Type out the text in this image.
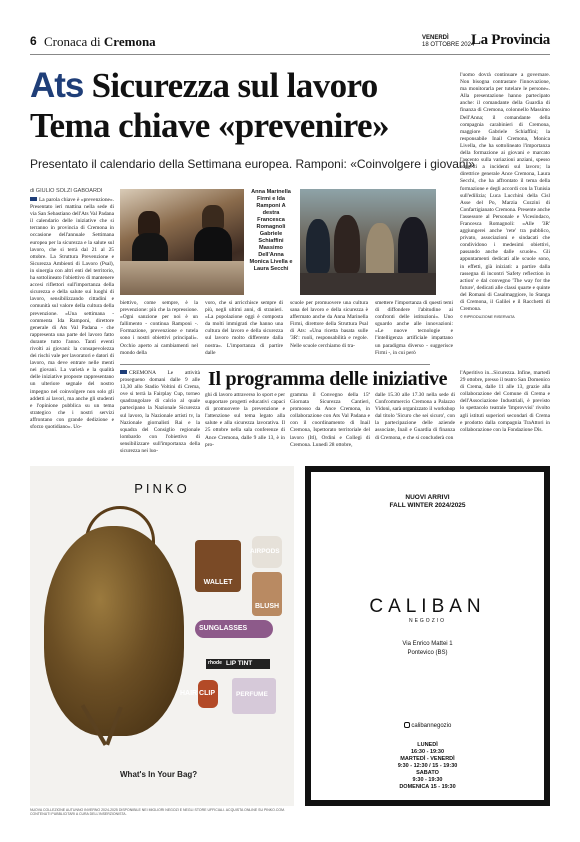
6 Cronaca di Cremona	VENERDÌ
18 OTTOBRE 2024
La Provincia
Ats Sicurezza sul lavoro
Tema chiave «prevenire»
Presentato il calendario della Settimana europea. Ramponi: «Coinvolgere i giovani»
di GIULIO SOLZI GABOARDI
La parola chiave è «prevenzione». Presentato ieri mattina nella sede di via San Sebastiano dell'Ats Val Padana il calendario delle iniziative che si terranno in provincia di Cremona in occasione dell'annuale Settimana europea per la sicurezza e la salute sul lavoro, che si terrà dal 21 al 25 ottobre. La Struttura Prevenzione e Sicurezza Ambienti di Lavoro (Psal), in sinergia con altri enti del territorio, ha sottolineato l'obiettivo di mantenere accesi riflettori sull'importanza della sicurezza e della salute sui luoghi di lavoro, sensibilizzando cittadini e comunità sul valore della cultura della prevenzione. «Una settimana - commenta Ida Ramponi, direttore generale di Ats Val Padana - che rappresenta una parte del lavoro fatto durante tutto l'anno. Tanti eventi rivolti ai giovani: la consapevolezza dei rischi vale per lavoratori e datori di lavoro, ma deve entrare nelle menti nei giovani. La varietà e la qualità delle iniziative proposte rappresentano un ulteriore segnale del nostro impegno nel coinvolgere non solo gli addetti ai lavori, ma anche gli studenti e l'opinione pubblica su un tema strategico che i nostri servizi affrontano con grande dedizione e sforzo quotidiano». Uo-
Anna Marinella Firmi e Ida Ramponi A destra Francesca Romagnoli Gabriele Schiaffini Massimo Dell'Anna Monica Livella e Laura Secchi
biettivo, come sempre, è la prevenzione: più che la repressione. «Ogni sanzione per noi è un fallimento - continua Ramponi -. Formazione, prevenzione e tutela sono i nostri obiettivi principali». Occhio aperto ai cambiamenti nel mondo della
voro, che si arricchisce sempre di più, negli ultimi anni, di stranieri. «La popolazione oggi è composta da molti immigrati che hanno una cultura del lavoro e della sicurezza sul lavoro molto differente dalla nostra». L'importanza di partire dalle
scuole per promuovere una cultura sana del lavoro e della sicurezza è affermato anche da Anna Marinella Firmi, direttore della Struttura Psal di Ats: «Una ricetta basata sulle '3R': ruoli, responsabilità e regole. Nelle scuole cerchiamo di tra-
smettere l'importanza di questi temi di diffondere l'abitudine ai confronti delle istituzioni». Uno sguardo anche alle innovazioni: «Le nuove tecnologie e l'intelligenza artificiale impattano un paradigma diverso - suggerisce Firmi -, in cui però
l'uomo dovrà continuare a governare. Non bisogna contrastare l'innovazione, ma monitorarla per tutelare le persone». Alla presentazione hanno partecipato anche: il comandante della Guardia di finanza di Cremona, colonnello Massimo Dell'Anna; il comandante della compagnia carabinieri di Cremona, maggiore Gabriele Schiaffini; la responsabile Inail Cremona, Monica Livella, che ha sottolineato l'importanza della formazione ai giovani e marcato l'accento sulla variazioni anziani, spesso soggetti a incidenti sul lavoro; la direttrice generale Ance Cremona, Laura Secchi, che ha affrontato il tema della formazione e degli accordi con la Tunisia sull'edilizia; Luca Lucchini della Cisl Asse del Po, Marzia Cozzini di Confartigianato Cremona. Presente anche l'assessore al Personale e Vicesindaco, Francesca Romagnoli: «Alle '3R' aggiungerei anche 'rete' tra pubblico, privato, associazioni e sindacati che condividono i medesimi obiettivi, passando anche dalle scuole». Gli appuntamenti dedicati alle scuole sono, in effetti, già iniziati: a partire dalla rassegna di incontri 'Safety reflection in action' e dal convegno 'The way for the future', dedicati alle classi quarte e quinte del Romani di Casalmaggiore, lo Stanga di Cremona, il Galilei e il Racchetti di Cremona.
© RIPRODUZIONE RISERVATA
Il programma delle iniziative
CREMONA Le attività prosegueno domani dalle 9 alle 13,30 allo Stadio Voltini di Crema, ove si terrà la Fairplay Cup, torneo quadrangolare di calcio al quale partecipano la Nazionale Sicurezza sul lavoro, la Nazionale artisti tv, la Nazionale giornalisti Rai e la squadra del Consiglio regionale lombardo con l'obiettivo di sensibilizzare sull'importanza della sicurezza nei luo-
ghi di lavoro attraverso lo sport e per supportare progetti educativi capaci di promuovere la prevenzione e l'attenzione sul tema legato alla salute e alla sicurezza lavorativa. Il 25 ottobre nella sala conferenze di Ance Cremona, dalle 9 alle 13, è in pro-
gramma il Convegno della 15ª Giornata Sicurezza Cantieri, promosso da Ance Cremona, in collaborazione con Ats Val Padana e con il coordinamento di Inail Cremona, Ispettorato territoriale del lavoro (Itl), Ordini e Collegi di Cremona. Lunedì 28 ottobre,
dalle 15.30 alle 17.30 nella sede di Confcommercio Cremona a Palazzo Vidoni, sarà organizzato il workshop dal titolo 'Sicuro che sei sicuro', con la partecipazione delle aziende associate, Inail e Guardia di finanza di Cremona, e che si concluderà con
l'Aperitivo in...Sicurezza. Infine, martedì 29 ottobre, presso il teatro San Domenico di Crema, dalle 11 alle 13, grazie alla collaborazione del Comune di Crema e dell'Associazione Industriali, è previsto lo spettacolo teatrale 'Improvvisi' rivolto agli istituti superiori secondari di Crema e prodotto dalla compagnia TraAttori in collaborazione con la Fondazione Dìs.
PINKO
WALLET
AIRPODS
BLUSH
SUNGLASSES
rhode LIP TINT
HAIR CLIP	PERFUME
What's In Your Bag?
NUOVA COLLEZIONE AUTUNNO INVERNO 2024-2025 DISPONIBILE NEI MIGLIORI NEGOZI E NEGLI STORE UFFICIALI. ACQUISTA ONLINE SU PINKO.COM. CONTENUTI PUBBLICITARI A CURA DELL'INSERZIONISTA.
NUOVI ARRIVI
FALL WINTER 2024/2025
CALIBAN
NEGOZIO
Via Enrico Mattei 1
Pontevico (BS)
calibannegozio
LUNEDÌ
16:30 - 19:30
MARTEDÌ - VENERDÌ
9:30 - 12:30 / 15 - 19:30
SABATO
9:30 - 19:30
DOMENICA 15 - 19:30
